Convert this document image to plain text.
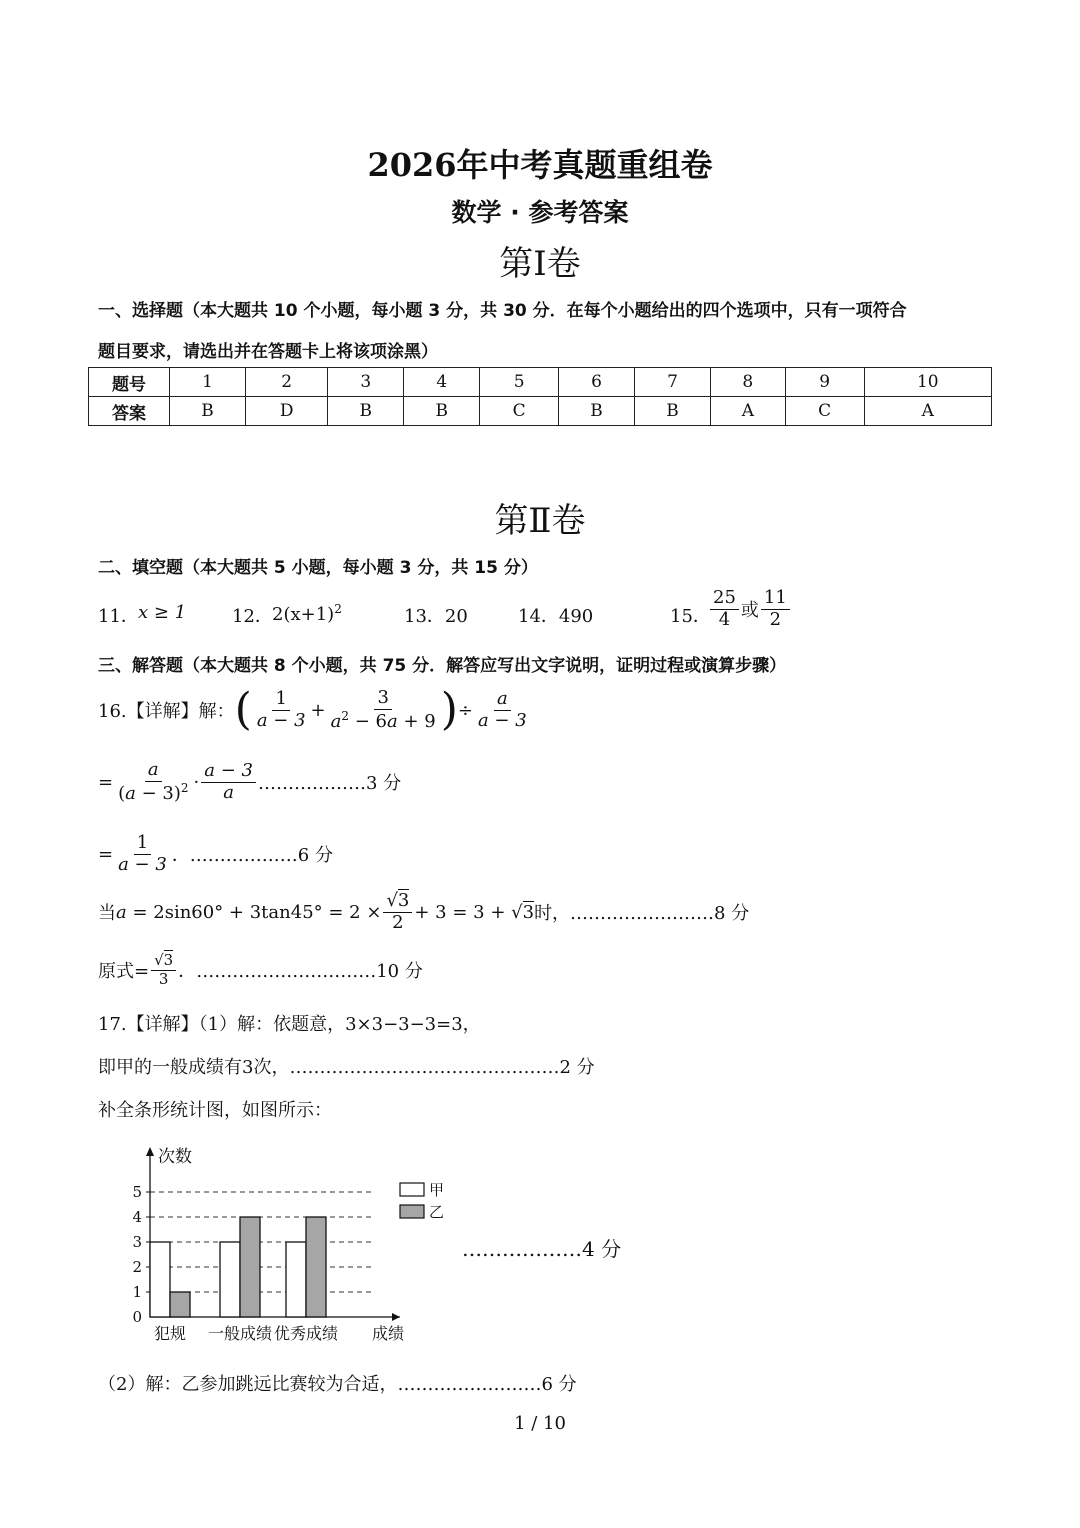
2026年中考真题重组卷
数学 · 参考答案
第Ⅰ卷
一、选择题（本大题共 10 个小题，每小题 3 分，共 30 分．在每个小题给出的四个选项中，只有一项符合
题目要求，请选出并在答题卡上将该项涂黑）
题号	1	2	3	4	5	6	7	8	9	10
答案	B	D	B	B	C	B	B	A	C	A
第Ⅱ卷
二、填空题（本大题共 5 小题，每小题 3 分，共 15 分）
11． x ≥ 1	12． $2(x+1)^2$	13．20	14．490	15． $\frac{25}{4}$ 或 $\frac{11}{2}$
三、解答题（本大题共 8 个小题，共 75 分．解答应写出文字说明，证明过程或演算步骤）
16.【详解】解： ( $\frac{1}{a - 3} + \frac{3}{a^2 - 6a + 9}$ ) ÷ $\frac{a}{a - 3}$
= $\frac{a}{(a - 3)^2} \cdot \frac{a - 3}{a}$ ………………3 分
= $\frac{1}{a - 3}$ ．………………6 分
当 $a = 2\sin 60^\circ + 3\tan 45^\circ = 2 \times \frac{√3}{2} + 3 = 3 + √3$ 时，……………………8 分
原式= $\frac{√3}{3}$ ．…………………………10 分
17.【详解】（1）解：依题意，3×3−3−3=3，
即甲的一般成绩有3次，………………………………………2 分
补全条形统计图，如图所示：
0
1
2
3
4
5
次数
犯规 一般成绩 优秀成绩 成绩
甲
乙
………………4 分
（2）解：乙参加跳远比赛较为合适，……………………6 分
1 / 10
